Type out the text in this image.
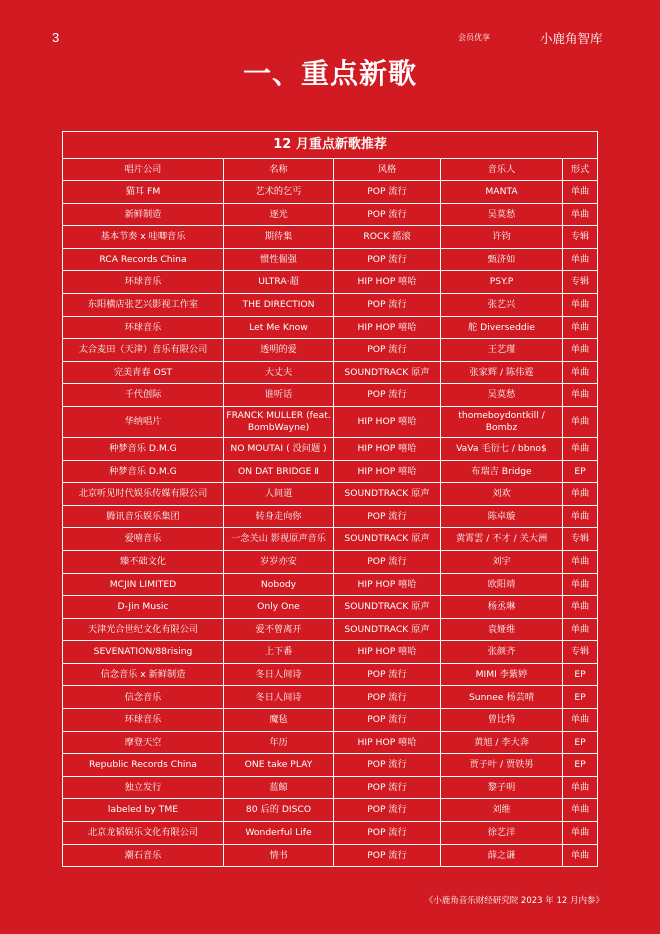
3	会员优享	小鹿角智库
一、重点新歌
12 月重点新歌推荐				
唱片公司	名称	风格	音乐人	形式
猫耳 FM	艺术的乞丐	POP 流行	MANTA	单曲
新鲜制造	逐光	POP 流行	吴莫愁	单曲
基本节奏 x 哇唧音乐	期待集	ROCK 摇滚	许钧	专辑
RCA Records China	惯性倔强	POP 流行	甄济如	单曲
环球音乐	ULTRA·超	HIP HOP 嘻哈	PSY.P	专辑
东阳横店张艺兴影视工作室	THE DIRECTION	POP 流行	张艺兴	单曲
环球音乐	Let Me Know	HIP HOP 嘻哈	舵 Diverseddie	单曲
太合麦田（天津）音乐有限公司	透明的爱	POP 流行	王艺瑾	单曲
完美青春 OST	大丈夫	SOUNDTRACK 原声	张家辉 / 陈伟霆	单曲
千代创际	谁听话	POP 流行	吴莫愁	单曲
华纳唱片	FRANCK MULLER (feat. BombWayne)	HIP HOP 嘻哈	thomeboydontkill / Bombz	单曲
种梦音乐 D.M.G	NO MOUTAI ( 没问题 )	HIP HOP 嘻哈	VaVa 毛衍七 / bbno$	单曲
种梦音乐 D.M.G	ON DAT BRIDGE Ⅱ	HIP HOP 嘻哈	布瑞吉 Bridge	EP
北京听见时代娱乐传媒有限公司	人间道	SOUNDTRACK 原声	刘欢	单曲
腾讯音乐娱乐集团	转身走向你	POP 流行	陈卓璇	单曲
爱嘻音乐	一念关山 影视原声音乐	SOUNDTRACK 原声	黄霄雲 / 不才 / 关大洲	专辑
臻不础文化	岁岁亦安	POP 流行	刘宇	单曲
MCJIN LIMITED	Nobody	HIP HOP 嘻哈	欧阳靖	单曲
D-Jin Music	Only One	SOUNDTRACK 原声	杨丞琳	单曲
天津光合世纪文化有限公司	爱不曾离开	SOUNDTRACK 原声	袁娅维	单曲
SEVENATION/88rising	上下番	HIP HOP 嘻哈	张颜齐	专辑
信念音乐 x 新鲜制造	冬日人间诗	POP 流行	MIMI 李紫婷	EP
信念音乐	冬日人间诗	POP 流行	Sunnee 杨芸晴	EP
环球音乐	魔毡	POP 流行	曾比特	单曲
摩登天空	年历	HIP HOP 嘻哈	黄旭 / 李大奔	EP
Republic Records China	ONE take PLAY	POP 流行	贾子叶 / 贾铁男	EP
独立发行	蓝鲸	POP 流行	黎子明	单曲
labeled by TME	80 后的 DISCO	POP 流行	刘维	单曲
北京龙韬娱乐文化有限公司	Wonderful Life	POP 流行	徐艺洋	单曲
潮石音乐	情书	POP 流行	薛之谦	单曲
《小鹿角音乐财经研究院 2023 年 12 月内参》
